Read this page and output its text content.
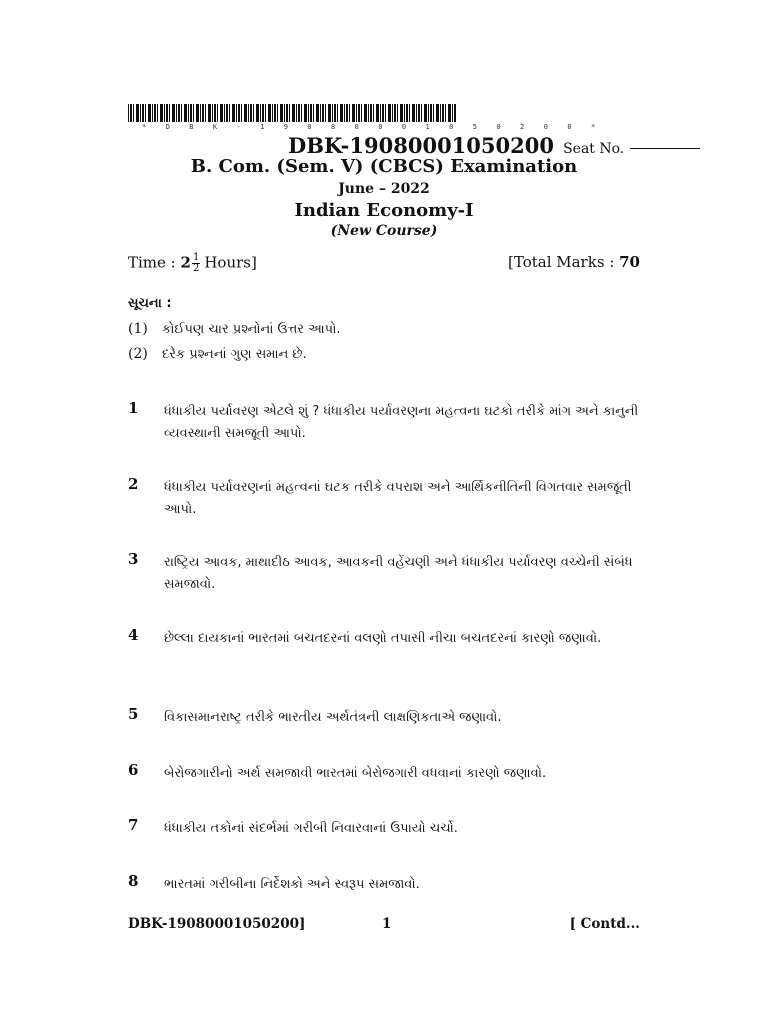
* D B K - 1 9 0 8 0 0 0 1 0 5 0 2 0 0 *
DBK-19080001050200 Seat No.
B. Com. (Sem. V) (CBCS) Examination
June – 2022
Indian Economy-I
(New Course)
Time : $2 \frac{1}{2}$ Hours]	[Total Marks : 70
સૂચના :
(1) કોઈપણ ચાર પ્રશ્નોનાં ઉત્તર આપો.
(2) દરેક પ્રશ્નનાં ગુણ સમાન છે.
1 ધંધાકીય પર્યાવરણ એટલે શું ? ધંધાકીય પર્યાવરણના મહત્વના ઘટકો તરીકે માંગ અને કાનુની વ્યવસ્થાની સમજૂતી આપો.
2 ધંધાકીય પર્યાવરણનાં મહત્વનાં ઘટક તરીકે વપરાશ અને આર્થિકનીતિની વિગતવાર સમજૂતી આપો.
3 રાષ્ટ્રિય આવક, માથાદીઠ આવક, આવકની વહેંચણી અને ધંધાકીય પર્યાવરણ વચ્ચેની સંબંધ સમજાવો.
4 છેલ્લા દાયકાનાં ભારતમાં બચતદરનાં વલણો તપાસી નીચા બચતદરનાં કારણો જણાવો.
5 વિકાસમાનરાષ્ટ્ર તરીકે ભારતીય અર્થતંત્રની લાક્ષણિકતાએ જણાવો.
6 બેરોજગારીનો અર્થ સમજાવી ભારતમાં બેરોજગારી વધવાનાં કારણો જણાવો.
7 ધંધાકીય તકોનાં સંદર્ભમાં ગરીબી નિવારવાનાં ઉપાયો ચર્ચો.
8 ભારતમાં ગરીબીના નિર્દેશકો અને સ્વરૂપ સમજાવો.
DBK-19080001050200]	1	[ Contd...
